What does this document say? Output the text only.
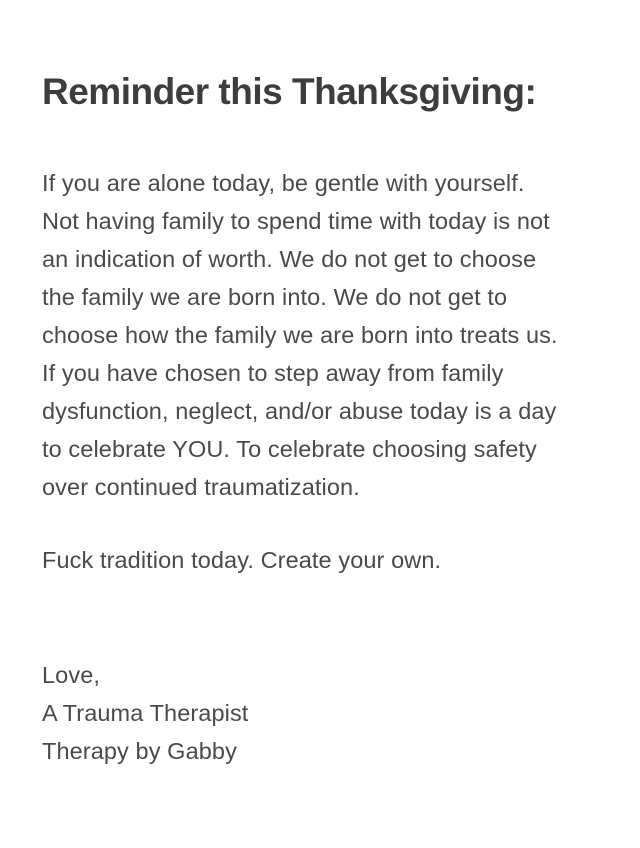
Reminder this Thanksgiving:
If you are alone today, be gentle with yourself.
Not having family to spend time with today is not
an indication of worth. We do not get to choose
the family we are born into. We do not get to
choose how the family we are born into treats us.
If you have chosen to step away from family
dysfunction, neglect, and/or abuse today is a day
to celebrate YOU. To celebrate choosing safety
over continued traumatization.
Fuck tradition today. Create your own.
Love,
A Trauma Therapist
Therapy by Gabby
